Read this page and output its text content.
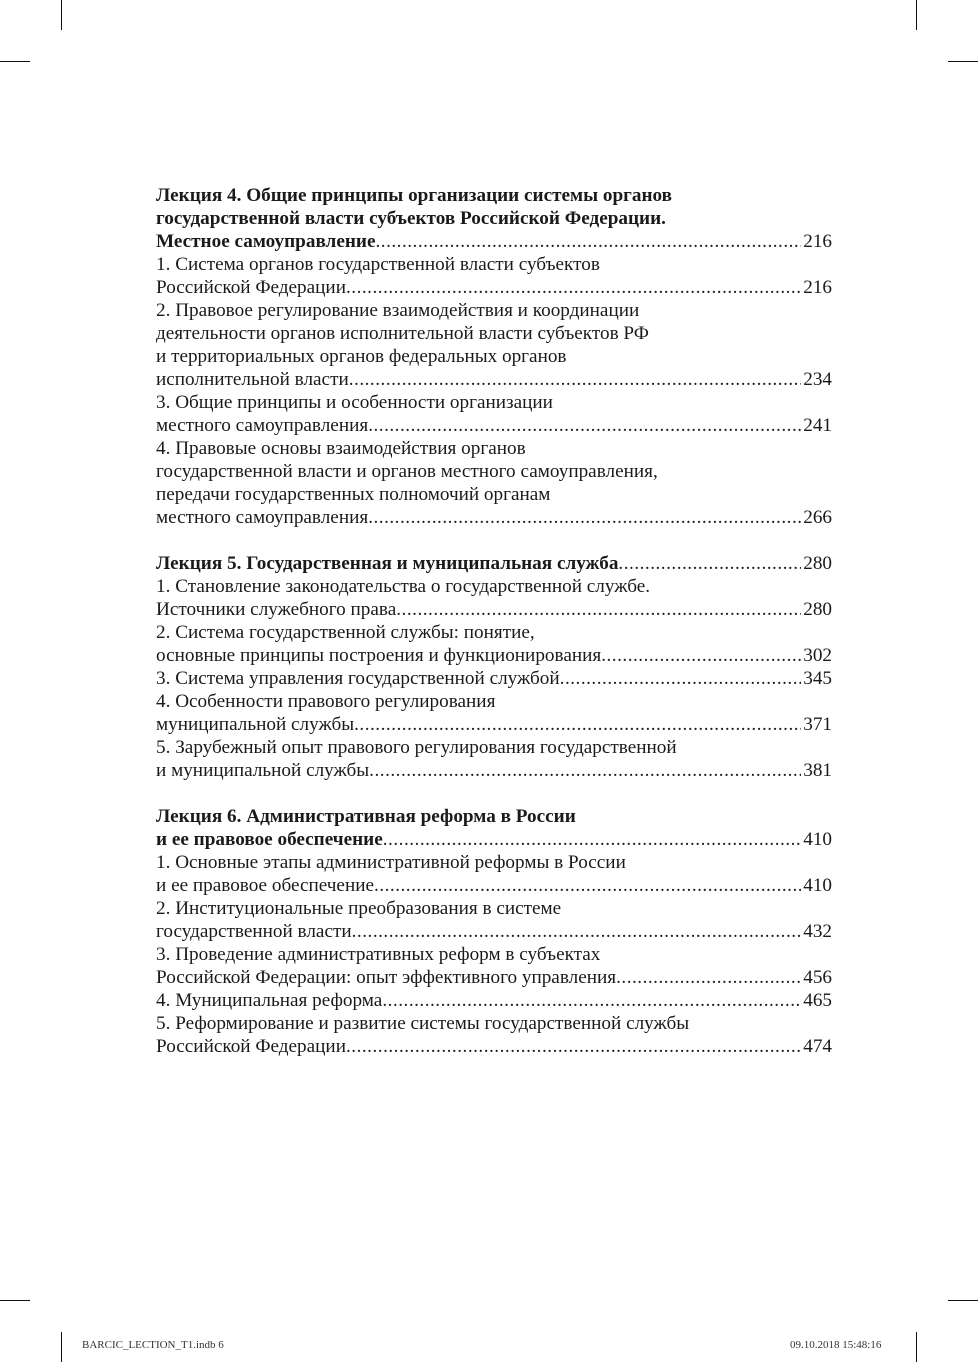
Лекция 4. Общие принципы организации системы органов
государственной власти субъектов Российской Федерации.
Местное самоуправление .....	216
1. Система органов государственной власти субъектов
Российской Федерации .....	216
2. Правовое регулирование взаимодействия и координации
деятельности органов исполнительной власти субъектов РФ
и территориальных органов федеральных органов
исполнительной власти .....	234
3. Общие принципы и особенности организации
местного самоуправления .....	241
4. Правовые основы взаимодействия органов
государственной власти и органов местного самоуправления,
передачи государственных полномочий органам
местного самоуправления .....	266
Лекция 5. Государственная и муниципальная служба .....	280
1. Становление законодательства о государственной службе.
Источники служебного права .....	280
2. Система государственной службы: понятие,
основные принципы построения и функционирования .....	302
3. Система управления государственной службой .....	345
4. Особенности правового регулирования
муниципальной службы .....	371
5. Зарубежный опыт правового регулирования государственной
и муниципальной службы .....	381
Лекция 6. Административная реформа в России
и ее правовое обеспечение .....	410
1. Основные этапы административной реформы в России
и ее правовое обеспечение .....	410
2. Институциональные преобразования в системе
государственной власти .....	432
3. Проведение административных реформ в субъектах
Российской Федерации: опыт эффективного управления .....	456
4. Муниципальная реформа .....	465
5. Реформирование и развитие системы государственной службы
Российской Федерации .....	474
BARCIC_LECTION_T1.indb 6	09.10.2018 15:48:16
